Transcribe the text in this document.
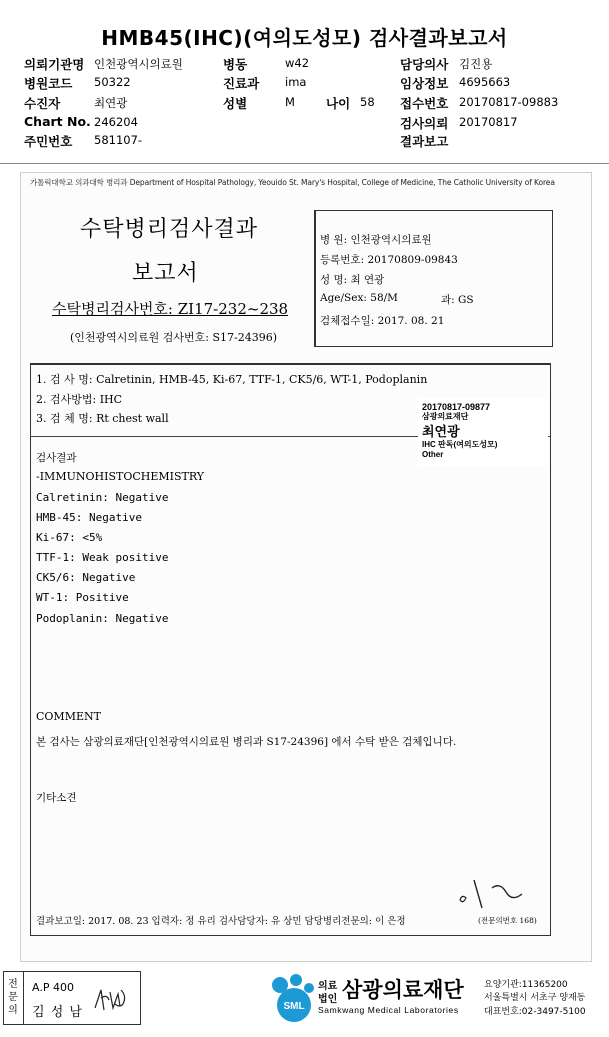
HMB45(IHC)(여의도성모) 검사결과보고서
의뢰기관명 인천광역시의료원	병동	w42	담당의사 김진용
병원코드 50322	진료과 ima	임상정보 4695663
수진자	최연광	성별	M 나이 58 접수번호 20170817-09883
Chart No. 246204	검사의뢰 20170817
주민번호 581107-	결과보고
가톨릭대학교 의과대학 병리과 Department of Hospital Pathology, Yeouido St. Mary's Hospital, College of Medicine, The Catholic University of Korea
수탁병리검사결과
보고서
수탁병리검사번호: ZI17-232~238
(인천광역시의료원 검사번호: S17-24396)
병 원: 인천광역시의료원
등록번호: 20170809-09843
성 명: 최 연광
Age/Sex: 58/M	과: GS
검체접수일: 2017. 08. 21
1. 검 사 명: Calretinin, HMB-45, Ki-67, TTF-1, CK5/6, WT-1, Podoplanin
2. 검사방법: IHC
3. 검 체 명: Rt chest wall
20170817-09877
삼광의료재단
최연광
IHC 판독(여의도성모)
Other
검사결과
-IMMUNOHISTOCHEMISTRY
Calretinin: Negative
HMB-45: Negative
Ki-67: <5%
TTF-1: Weak positive
CK5/6: Negative
WT-1: Positive
Podoplanin: Negative
COMMENT
본 검사는 삼광의료재단[인천광역시의료원 병리과 S17-24396] 에서 수탁 받은 검체입니다.
기타소견
결과보고일: 2017. 08. 23 입력자: 정 유리 검사담당자: 유 상민 담당병리전문의: 이 은정	(전문의번호 168)
전문의
A.P 400
김 성 남	SML
의료
법인 삼광의료재단
Samkwang Medical Laboratories
요양기관:11365200
서울특별시 서초구 양재동
대표번호:02-3497-5100
